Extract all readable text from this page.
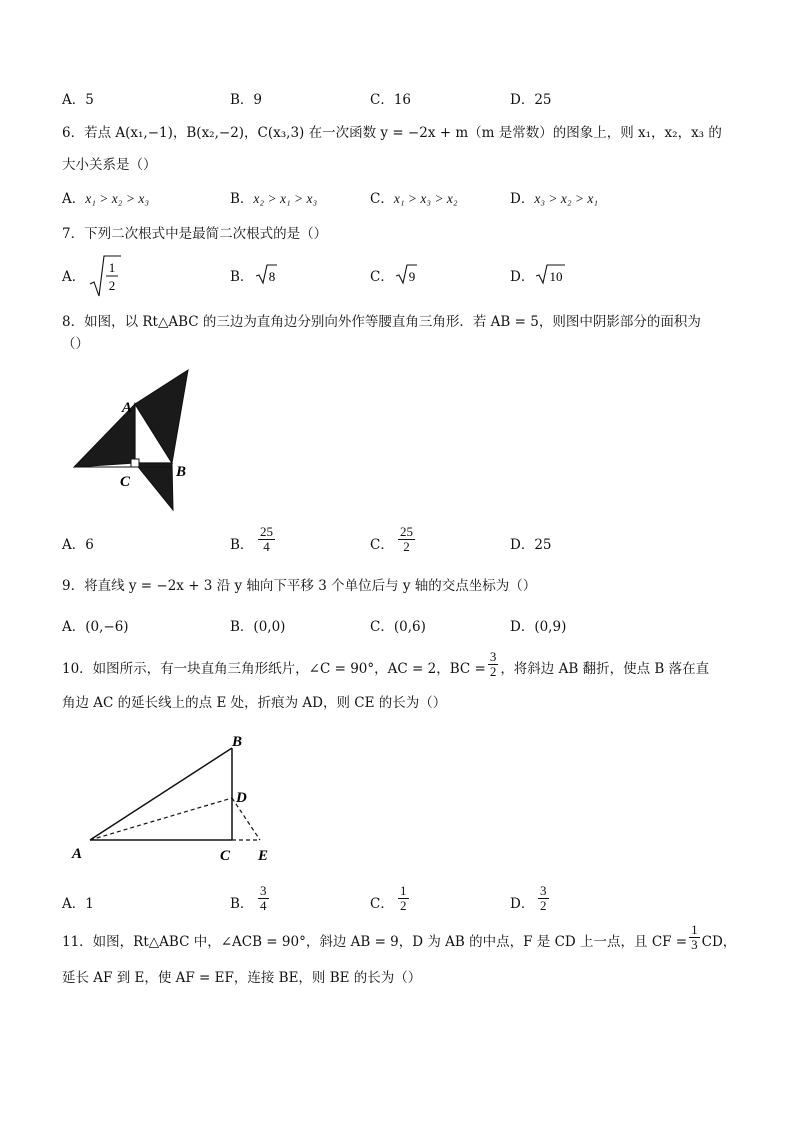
A．5	B．9	C．16	D．25
6．若点 A(x₁,−1)，B(x₂,−2)，C(x₃,3) 在一次函数 y = −2x + m（m 是常数）的图象上，则 x₁，x₂，x₃ 的
大小关系是（）
A．x₁ > x₂ > x₃	B．x₂ > x₁ > x₃	C．x₁ > x₃ > x₂	D．x₃ > x₂ > x₁
7．下列二次根式中是最简二次根式的是（）
A．
1
2
B． 8	C． 9	D． 10
8．如图，以 Rt△ABC 的三边为直角边分别向外作等腰直角三角形．若 AB = 5，则图中阴影部分的面积为
（）
A
B
C
A．6	B． $\frac{25}{4}$	C． $\frac{25}{2}$	D．25
9．将直线 y = −2x + 3 沿 y 轴向下平移 3 个单位后与 y 轴的交点坐标为（）
A．(0,−6)	B．(0,0)	C．(0,6)	D．(0,9)
10．如图所示，有一块直角三角形纸片，∠C = 90°，AC = 2，BC = $\frac{3}{2}$ ，将斜边 AB 翻折，使点 B 落在直
角边 AC 的延长线上的点 E 处，折痕为 AD，则 CE 的长为（）
A
B
C
D
E
A．1	B． $\frac{3}{4}$	C． $\frac{1}{2}$	D． $\frac{3}{2}$
11．如图，Rt△ABC 中，∠ACB = 90°，斜边 AB = 9，D 为 AB 的中点，F 是 CD 上一点，且 CF = $\frac{1}{3}$ CD，
延长 AF 到 E，使 AF = EF，连接 BE，则 BE 的长为（）
